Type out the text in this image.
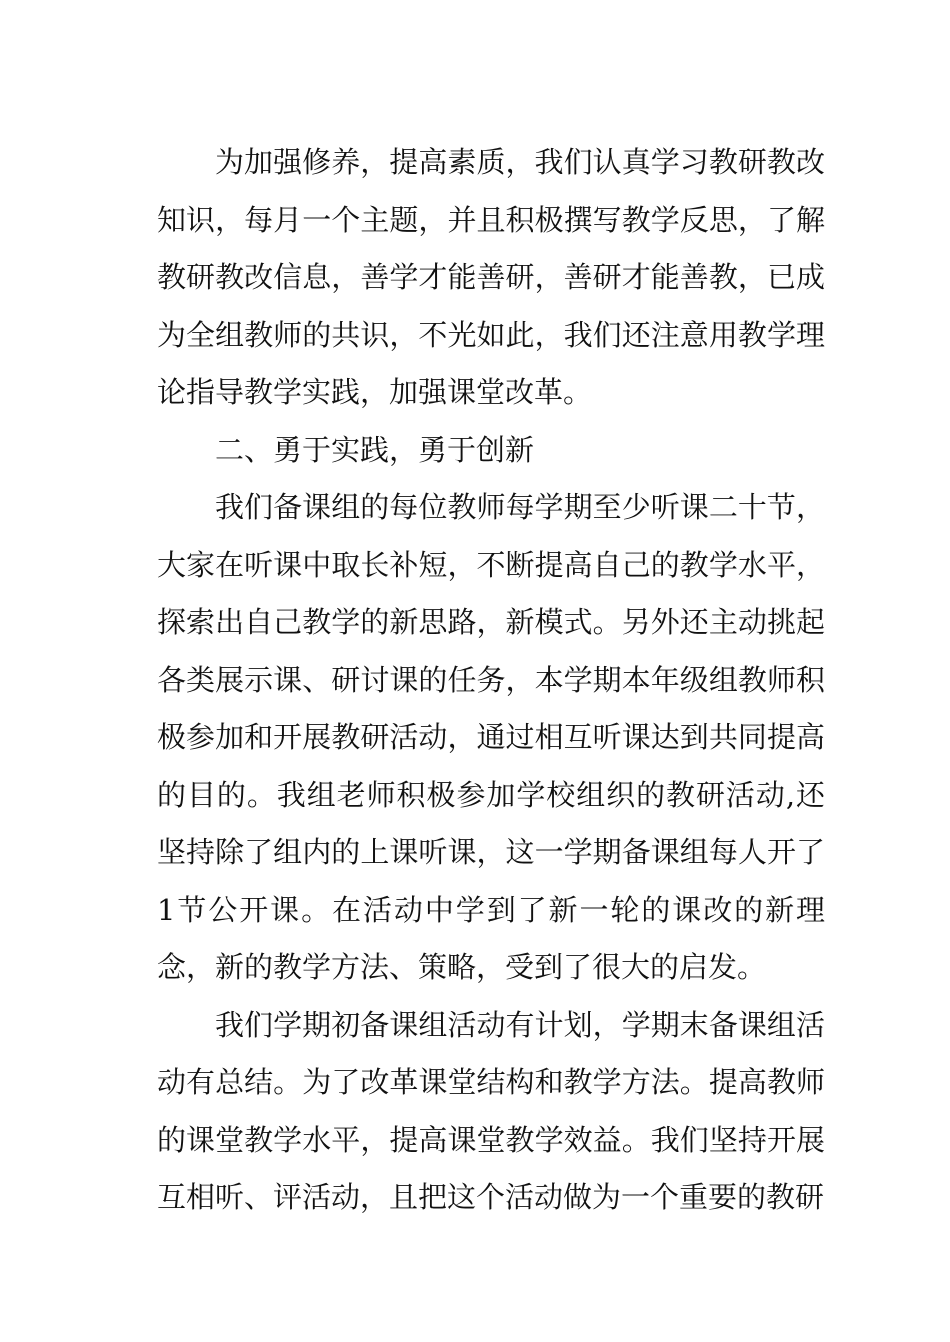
为加强修养，提高素质，我们认真学习教研教改知识，每月一个主题，并且积极撰写教学反思，了解教研教改信息，善学才能善研，善研才能善教，已成为全组教师的共识，不光如此，我们还注意用教学理论指导教学实践，加强课堂改革。

二、勇于实践，勇于创新

我们备课组的每位教师每学期至少听课二十节，大家在听课中取长补短，不断提高自己的教学水平，探索出自己教学的新思路，新模式。另外还主动挑起各类展示课、研讨课的任务，本学期本年级组教师积极参加和开展教研活动，通过相互听课达到共同提高的目的。我组老师积极参加学校组织的教研活动,还坚持除了组内的上课听课，这一学期备课组每人开了1节公开课。在活动中学到了新一轮的课改的新理念，新的教学方法、策略，受到了很大的启发。

我们学期初备课组活动有计划，学期末备课组活动有总结。为了改革课堂结构和教学方法。提高教师的课堂教学水平，提高课堂教学效益。我们坚持开展互相听、评活动，且把这个活动做为一个重要的教研
